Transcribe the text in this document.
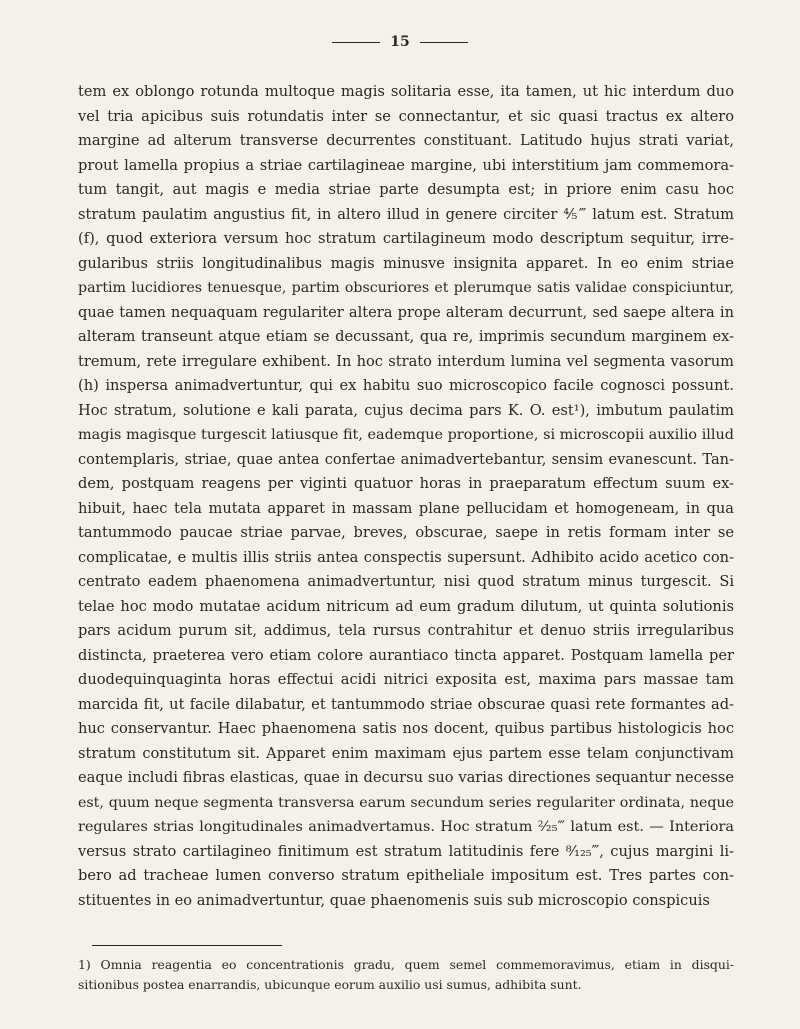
15
tem ex oblongo rotunda multoque magis solitaria esse, ita tamen, ut hic interdum duo
vel tria apicibus suis rotundatis inter se connectantur, et sic quasi tractus ex altero
margine ad alterum transverse decurrentes constituant. Latitudo hujus strati variat,
prout lamella propius a striae cartilagineae margine, ubi interstitium jam commemora-
tum tangit, aut magis e media striae parte desumpta est; in priore enim casu hoc
stratum paulatim angustius fit, in altero illud in genere circiter ⅘‴ latum est. Stratum
(f), quod exteriora versum hoc stratum cartilagineum modo descriptum sequitur, irre-
gularibus striis longitudinalibus magis minusve insignita apparet. In eo enim striae
partim lucidiores tenuesque, partim obscuriores et plerumque satis validae conspiciuntur,
quae tamen nequaquam regulariter altera prope alteram decurrunt, sed saepe altera in
alteram transeunt atque etiam se decussant, qua re, imprimis secundum marginem ex-
tremum, rete irregulare exhibent. In hoc strato interdum lumina vel segmenta vasorum
(h) inspersa animadvertuntur, qui ex habitu suo microscopico facile cognosci possunt.
Hoc stratum, solutione e kali parata, cujus decima pars K. O. est¹), imbutum paulatim
magis magisque turgescit latiusque fit, eademque proportione, si microscopii auxilio illud
contemplaris, striae, quae antea confertae animadvertebantur, sensim evanescunt. Tan-
dem, postquam reagens per viginti quatuor horas in praeparatum effectum suum ex-
hibuit, haec tela mutata apparet in massam plane pellucidam et homogeneam, in qua
tantummodo paucae striae parvae, breves, obscurae, saepe in retis formam inter se
complicatae, e multis illis striis antea conspectis supersunt. Adhibito acido acetico con-
centrato eadem phaenomena animadvertuntur, nisi quod stratum minus turgescit. Si
telae hoc modo mutatae acidum nitricum ad eum gradum dilutum, ut quinta solutionis
pars acidum purum sit, addimus, tela rursus contrahitur et denuo striis irregularibus
distincta, praeterea vero etiam colore aurantiaco tincta apparet. Postquam lamella per
duodequinquaginta horas effectui acidi nitrici exposita est, maxima pars massae tam
marcida fit, ut facile dilabatur, et tantummodo striae obscurae quasi rete formantes ad-
huc conservantur. Haec phaenomena satis nos docent, quibus partibus histologicis hoc
stratum constitutum sit. Apparet enim maximam ejus partem esse telam conjunctivam
eaque includi fibras elasticas, quae in decursu suo varias directiones sequantur necesse
est, quum neque segmenta transversa earum secundum series regulariter ordinata, neque
regulares strias longitudinales animadvertamus. Hoc stratum ²⁄₂₅‴ latum est. — Interiora
versus strato cartilagineo finitimum est stratum latitudinis fere ⁸⁄₁₂₅‴, cujus margini li-
bero ad tracheae lumen converso stratum epitheliale impositum est. Tres partes con-
stituentes in eo animadvertuntur, quae phaenomenis suis sub microscopio conspicuis
1) Omnia reagentia eo concentrationis gradu, quem semel commemoravimus, etiam in disqui-
sitionibus postea enarrandis, ubicunque eorum auxilio usi sumus, adhibita sunt.
